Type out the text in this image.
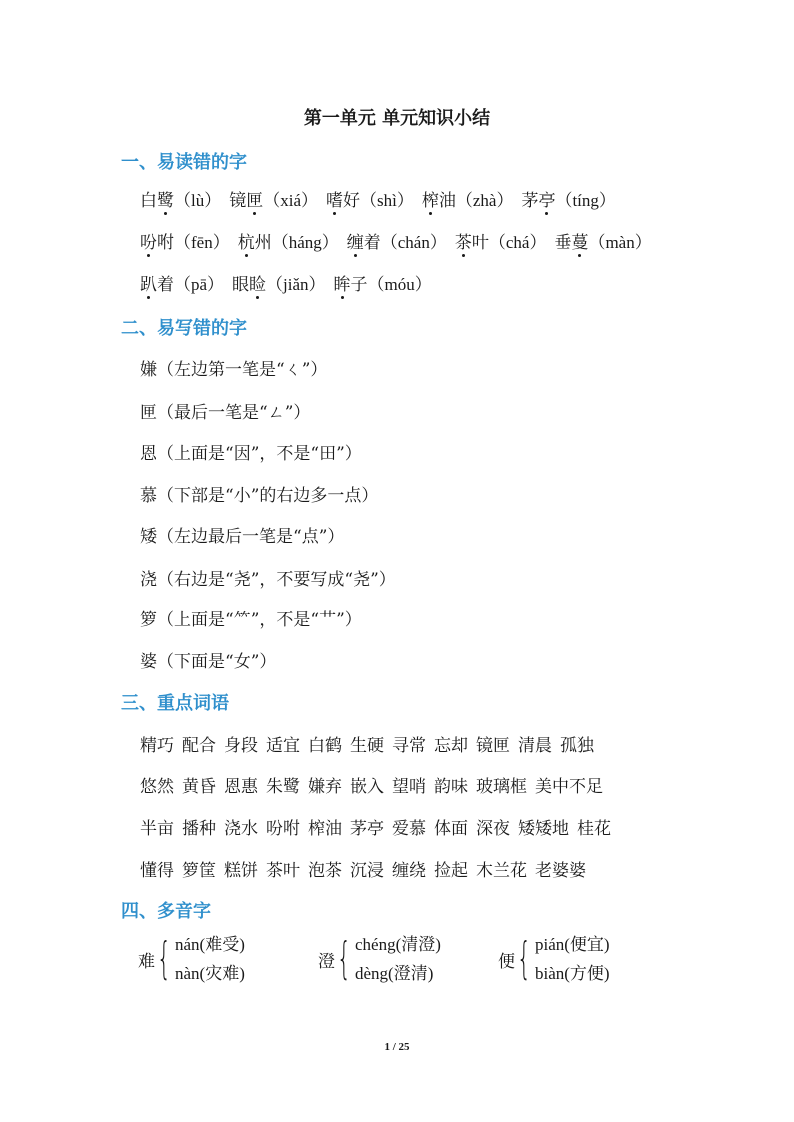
第一单元 单元知识小结
一、易读错的字
二、易写错的字
三、重点词语
四、多音字
白鹭（lù） 镜匣（xiá） 嗜好（shì） 榨油（zhà） 茅亭（tíng）
吩咐（fēn） 杭州（háng） 缠着（chán） 茶叶（chá） 垂蔓（màn）
趴着（pā） 眼睑（jiǎn） 眸子（móu）
嫌（左边第一笔是“ㄑ”）
匣（最后一笔是“ㄥ”）
恩（上面是“因”，不是“田”）
慕（下部是“小”的右边多一点）
矮（左边最后一笔是“点”）
浇（右边是“尧”，不要写成“尧”）
箩（上面是“⺮”，不是“艹”）
婆（下面是“女”）
精巧 配合 身段 适宜 白鹤 生硬 寻常 忘却 镜匣 清晨 孤独
悠然 黄昏 恩惠 朱鹭 嫌弃 嵌入 望哨 韵味 玻璃框 美中不足
半亩 播种 浇水 吩咐 榨油 茅亭 爱慕 体面 深夜 矮矮地 桂花
懂得 箩筐 糕饼 茶叶 泡茶 沉浸 缠绕 捡起 木兰花 老婆婆
难 { nán(难受)
nàn(灾难)
澄 { chéng(清澄)
dèng(澄清)
便 { pián(便宜)
biàn(方便)
1 / 25
